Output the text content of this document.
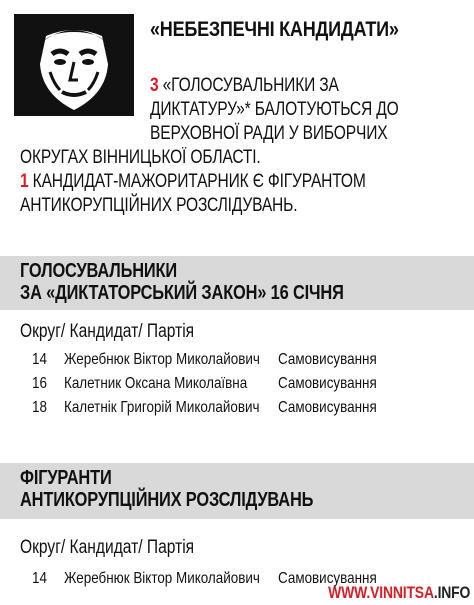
«НЕБЕЗПЕЧНІ КАНДИДАТИ»
3 «ГОЛОСУВАЛЬНИКИ ЗА
ДИКТАТУРУ»* БАЛОТУЮТЬСЯ ДО
ВЕРХОВНОЇ РАДИ У ВИБОРЧИХ
ОКРУГАХ ВІННИЦЬКОЇ ОБЛАСТІ.
1 КАНДИДАТ-МАЖОРИТАРНИК Є ФІГУРАНТОМ
АНТИКОРУПЦІЙНИХ РОЗСЛІДУВАНЬ.
ГОЛОСУВАЛЬНИКИ
ЗА «ДИКТАТОРСЬКИЙ ЗАКОН» 16 СІЧНЯ
Округ/ Кандидат/ Партія
14 Жеребнюк Віктор Миколайович Самовисування
16 Калетник Оксана Миколаївна Самовисування
18 Калетнік Григорій Миколайович Самовисування
ФІГУРАНТИ
АНТИКОРУПЦІЙНИХ РОЗСЛІДУВАНЬ
Округ/ Кандидат/ Партія
14 Жеребнюк Віктор Миколайович Самовисування
WWW.VINNITSA.INFO
